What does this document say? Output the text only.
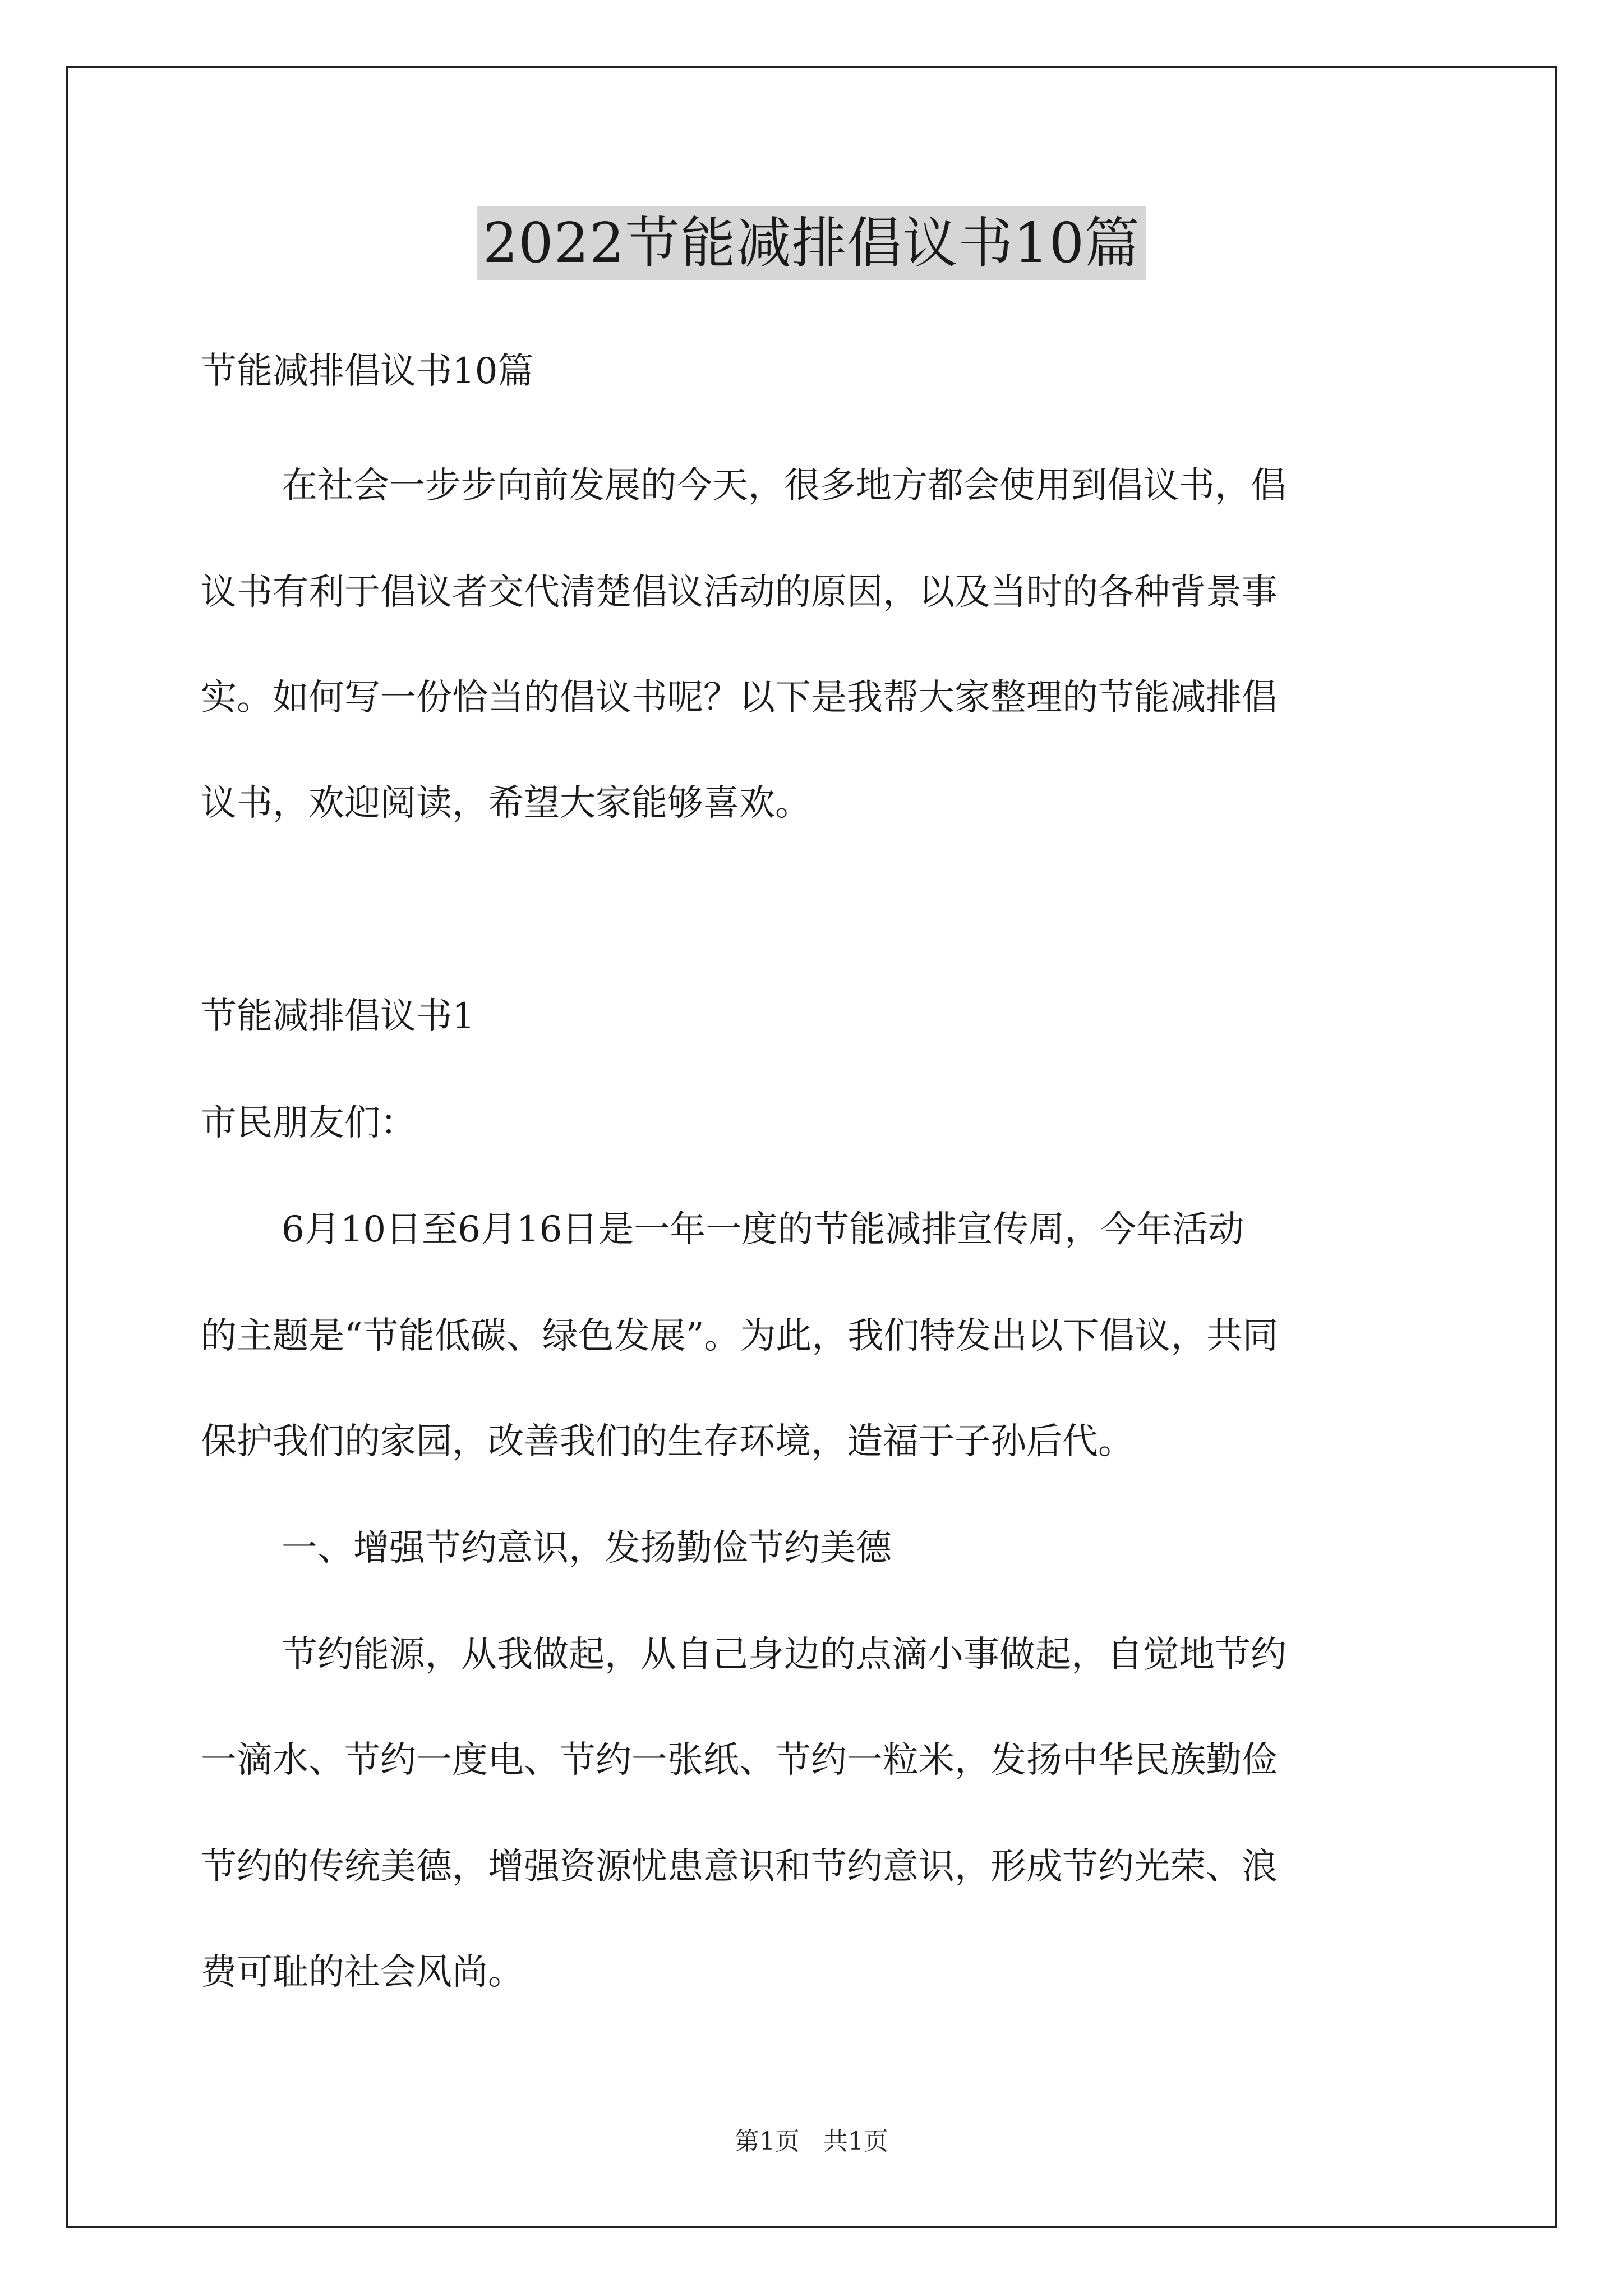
2022节能减排倡议书10篇

节能减排倡议书10篇

在社会一步步向前发展的今天，很多地方都会使用到倡议书，倡

议书有利于倡议者交代清楚倡议活动的原因，以及当时的各种背景事

实。如何写一份恰当的倡议书呢？以下是我帮大家整理的节能减排倡

议书，欢迎阅读，希望大家能够喜欢。

节能减排倡议书1

市民朋友们：

6月10日至6月16日是一年一度的节能减排宣传周，今年活动

的主题是“节能低碳、绿色发展”。为此，我们特发出以下倡议，共同

保护我们的家园，改善我们的生存环境，造福于子孙后代。

一、增强节约意识，发扬勤俭节约美德

节约能源，从我做起，从自己身边的点滴小事做起，自觉地节约

一滴水、节约一度电、节约一张纸、节约一粒米，发扬中华民族勤俭

节约的传统美德，增强资源忧患意识和节约意识，形成节约光荣、浪

费可耻的社会风尚。

第1页 共1页
